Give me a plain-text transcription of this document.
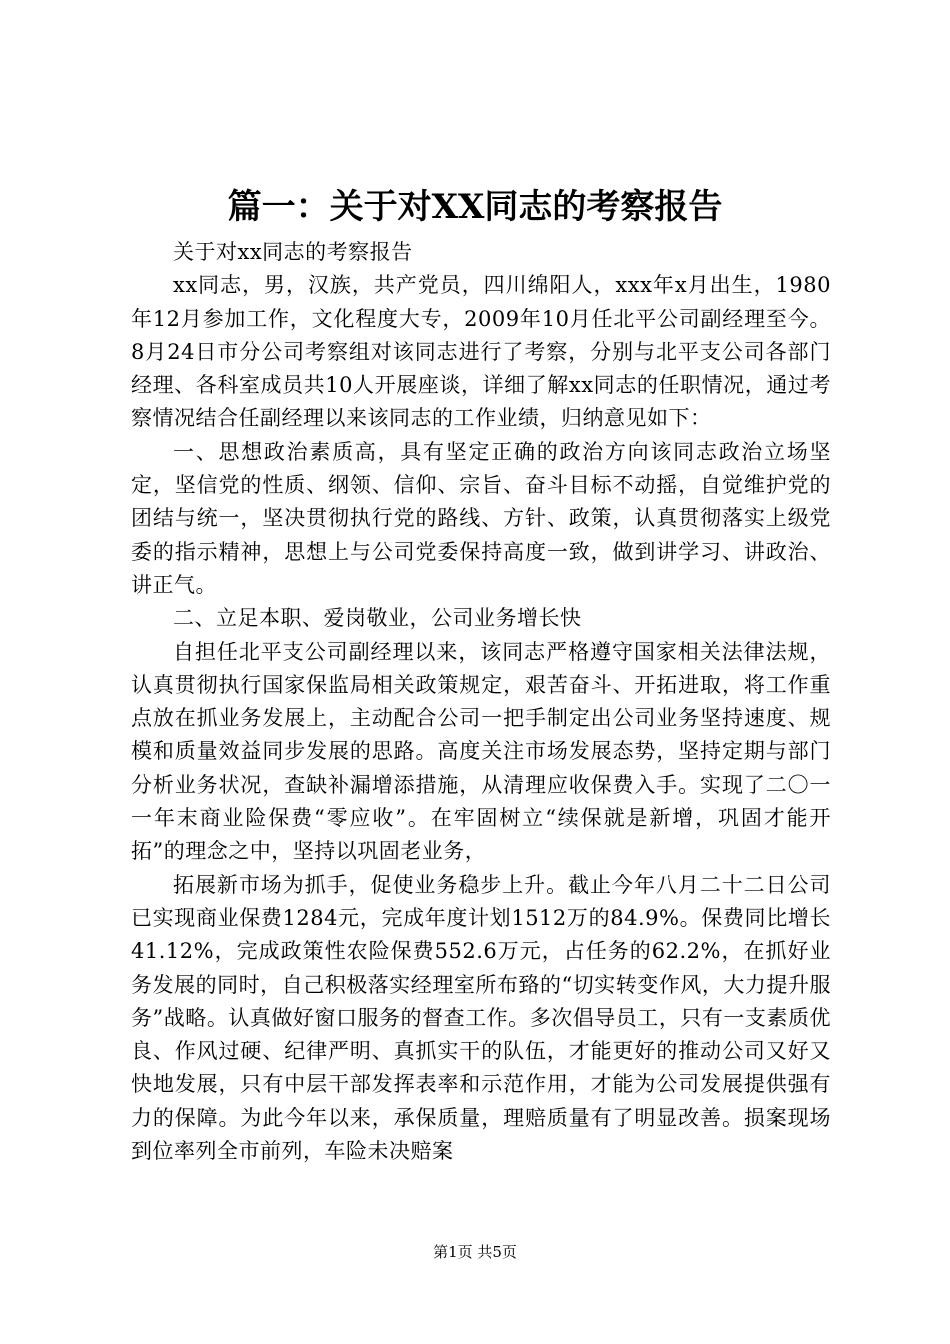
篇一：关于对XX同志的考察报告

关于对xx同志的考察报告

xx同志，男，汉族，共产党员，四川绵阳人，xxx年x月出生，1980年12月参加工作，文化程度大专，2009年10月任北平公司副经理至今。8月24日市分公司考察组对该同志进行了考察，分别与北平支公司各部门经理、各科室成员共10人开展座谈，详细了解xx同志的任职情况，通过考察情况结合任副经理以来该同志的工作业绩，归纳意见如下：

一、思想政治素质高，具有坚定正确的政治方向该同志政治立场坚定，坚信党的性质、纲领、信仰、宗旨、奋斗目标不动摇，自觉维护党的团结与统一，坚决贯彻执行党的路线、方针、政策，认真贯彻落实上级党委的指示精神，思想上与公司党委保持高度一致，做到讲学习、讲政治、讲正气。

二、立足本职、爱岗敬业，公司业务增长快

自担任北平支公司副经理以来，该同志严格遵守国家相关法律法规，认真贯彻执行国家保监局相关政策规定，艰苦奋斗、开拓进取，将工作重点放在抓业务发展上，主动配合公司一把手制定出公司业务坚持速度、规模和质量效益同步发展的思路。高度关注市场发展态势，坚持定期与部门分析业务状况，查缺补漏增添措施，从清理应收保费入手。实现了二〇一一年末商业险保费“零应收”。在牢固树立“续保就是新增，巩固才能开拓”的理念之中，坚持以巩固老业务，

拓展新市场为抓手，促使业务稳步上升。截止今年八月二十二日公司已实现商业保费1284元，完成年度计划1512万的84.9%。保费同比增长41.12%，完成政策性农险保费552.6万元，占任务的62.2%，在抓好业务发展的同时，自己积极落实经理室所布臵的“切实转变作风，大力提升服务”战略。认真做好窗口服务的督查工作。多次倡导员工，只有一支素质优良、作风过硬、纪律严明、真抓实干的队伍，才能更好的推动公司又好又快地发展，只有中层干部发挥表率和示范作用，才能为公司发展提供强有力的保障。为此今年以来，承保质量，理赔质量有了明显改善。损案现场到位率列全市前列，车险未决赔案

第1页 共5页
